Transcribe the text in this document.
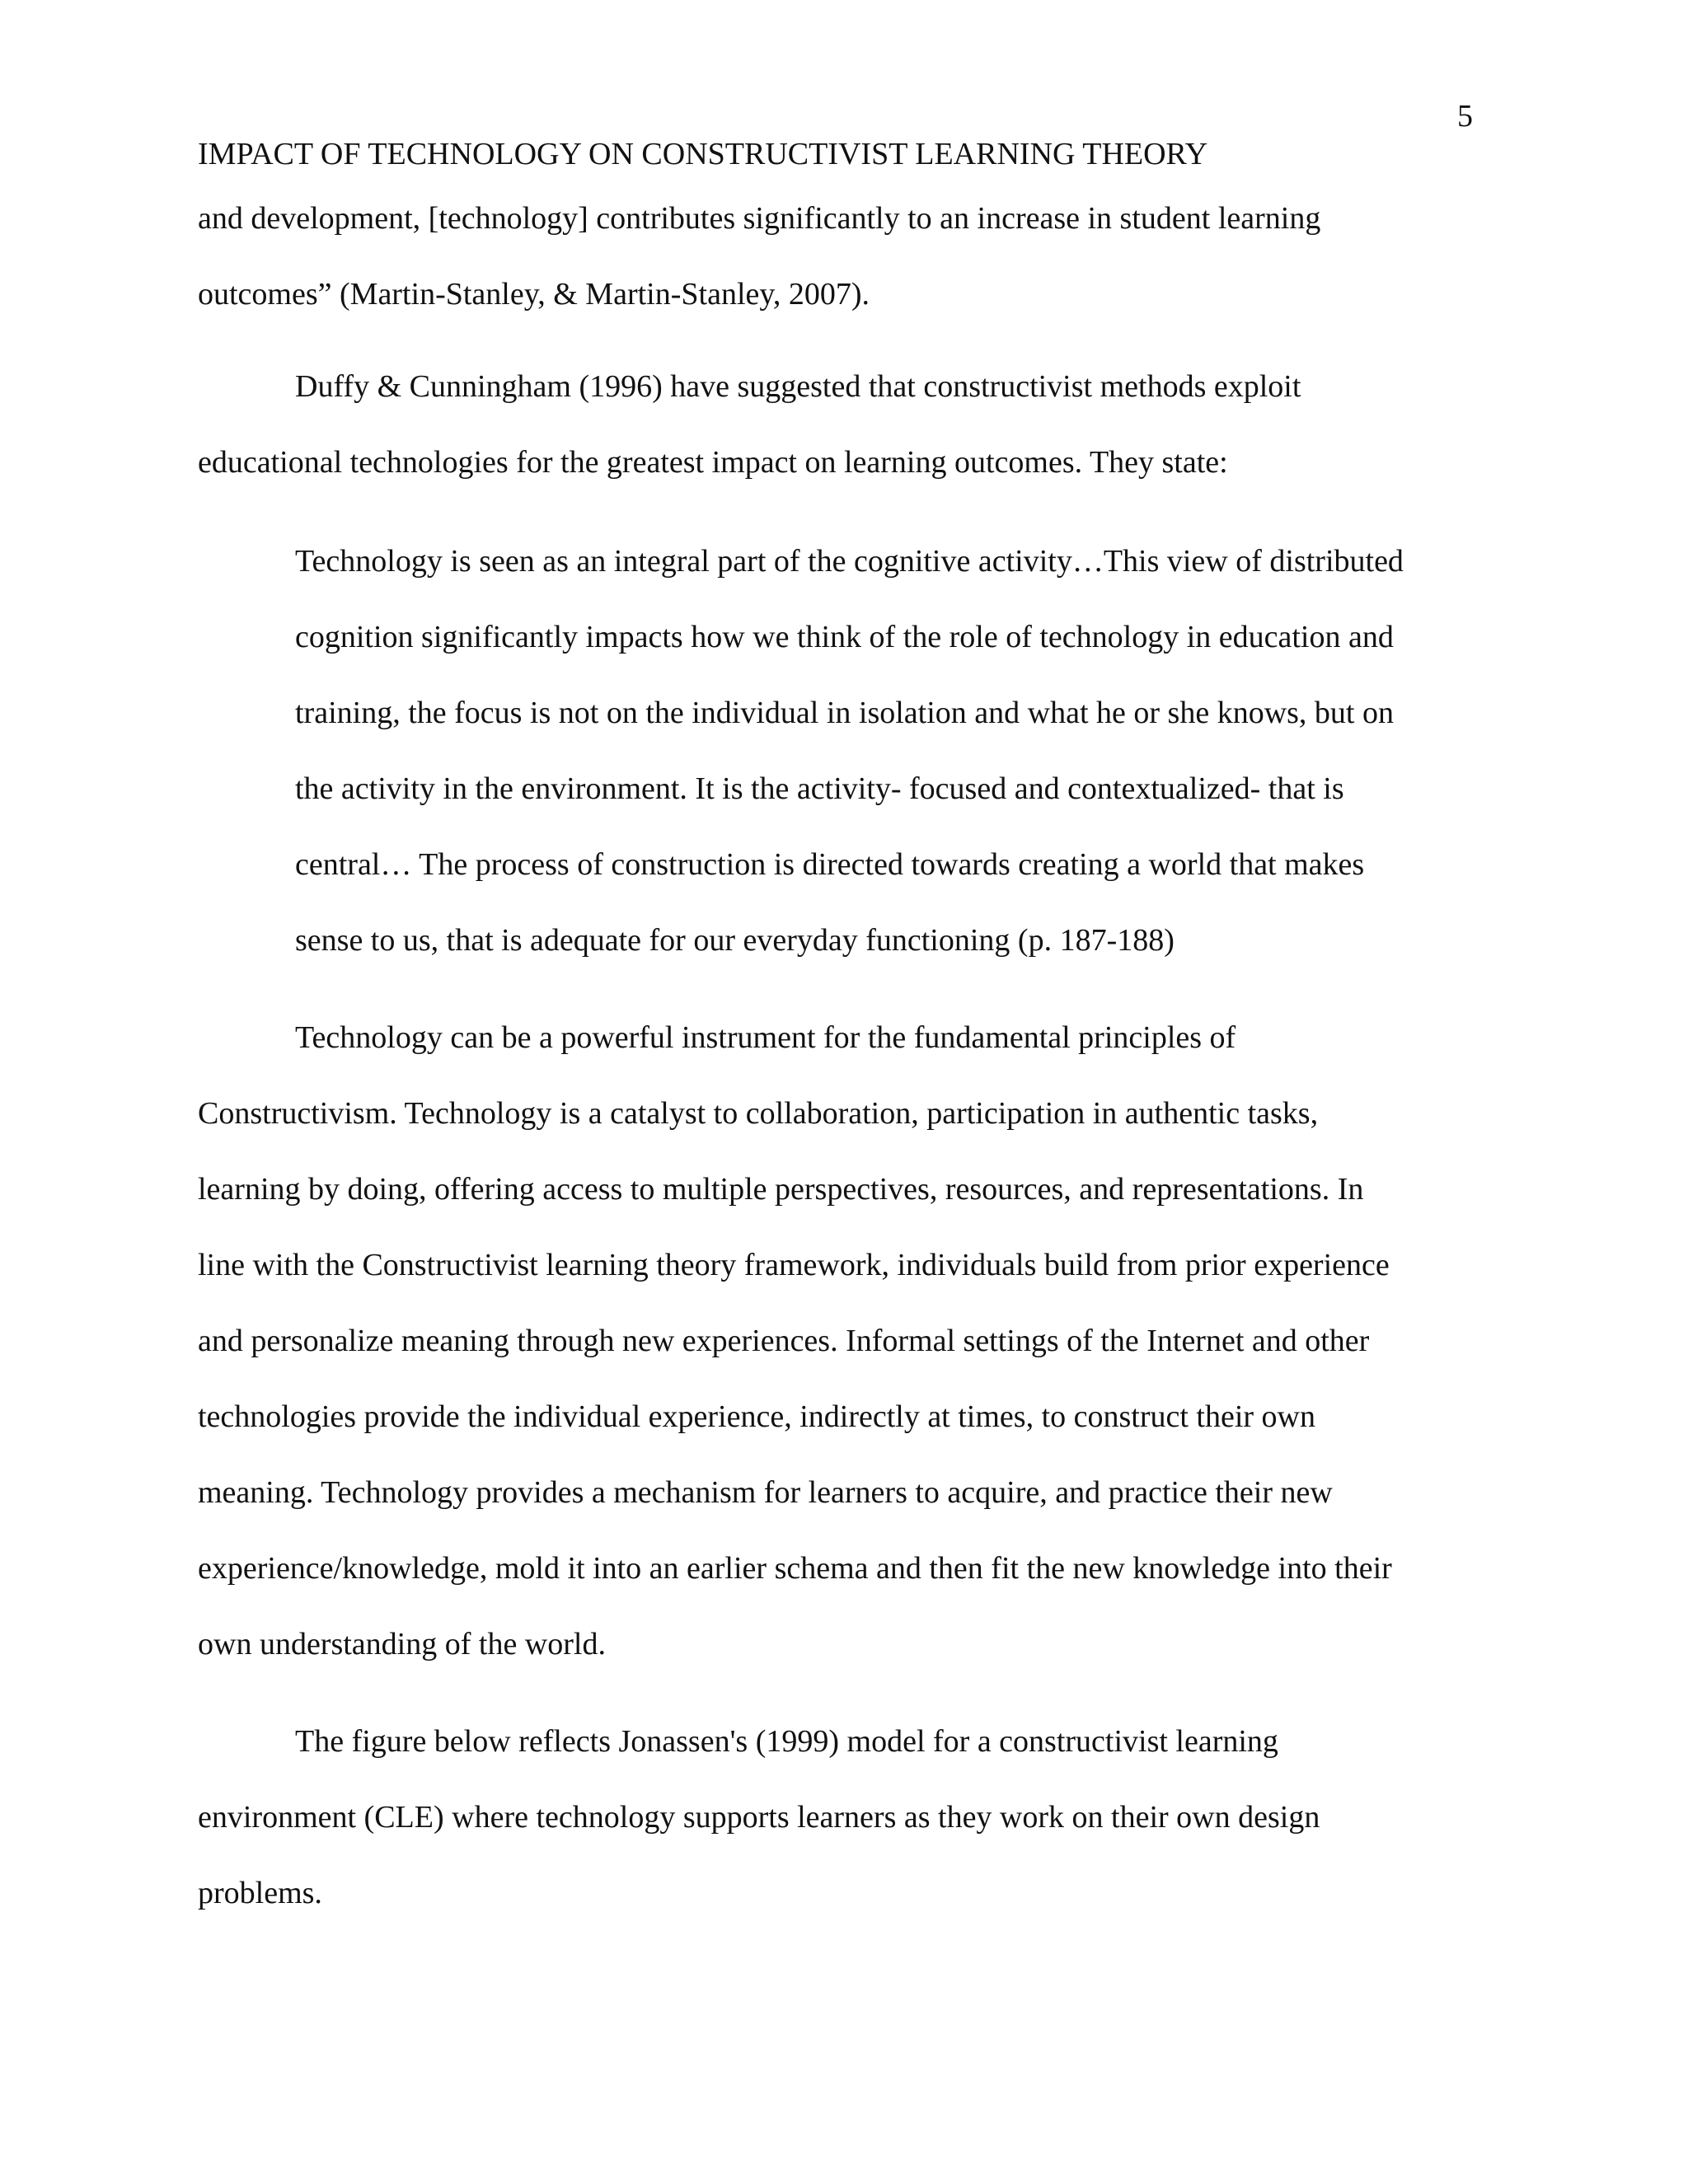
5
IMPACT OF TECHNOLOGY ON CONSTRUCTIVIST LEARNING THEORY
and development, [technology] contributes significantly to an increase in student learning
outcomes” (Martin-Stanley, & Martin-Stanley, 2007).
Duffy & Cunningham (1996) have suggested that constructivist methods exploit
educational technologies for the greatest impact on learning outcomes. They state:
Technology is seen as an integral part of the cognitive activity…This view of distributed
cognition significantly impacts how we think of the role of technology in education and
training, the focus is not on the individual in isolation and what he or she knows, but on
the activity in the environment. It is the activity- focused and contextualized- that is
central… The process of construction is directed towards creating a world that makes
sense to us, that is adequate for our everyday functioning (p. 187-188)
Technology can be a powerful instrument for the fundamental principles of
Constructivism. Technology is a catalyst to collaboration, participation in authentic tasks,
learning by doing, offering access to multiple perspectives, resources, and representations. In
line with the Constructivist learning theory framework, individuals build from prior experience
and personalize meaning through new experiences. Informal settings of the Internet and other
technologies provide the individual experience, indirectly at times, to construct their own
meaning. Technology provides a mechanism for learners to acquire, and practice their new
experience/knowledge, mold it into an earlier schema and then fit the new knowledge into their
own understanding of the world.
The figure below reflects Jonassen's (1999) model for a constructivist learning
environment (CLE) where technology supports learners as they work on their own design
problems.
